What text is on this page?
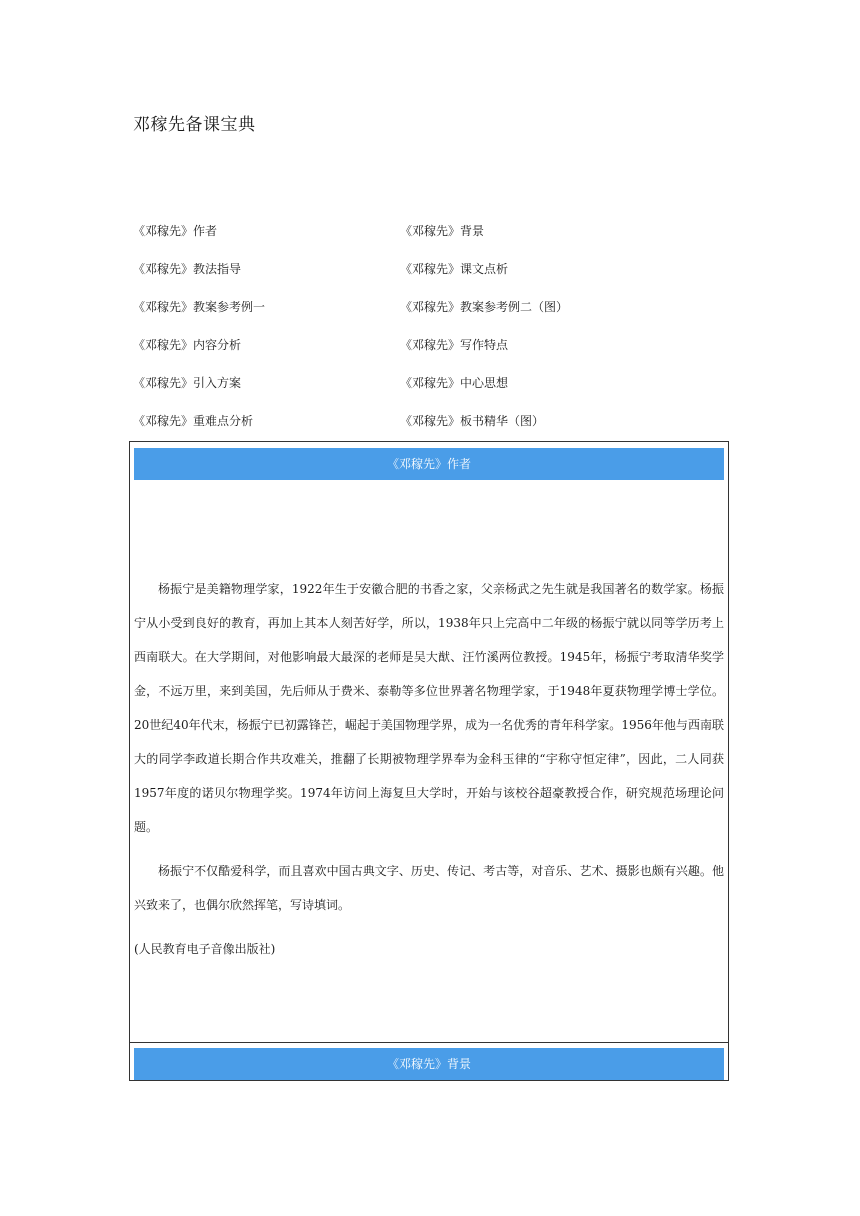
邓稼先备课宝典
《邓稼先》作者	《邓稼先》背景
《邓稼先》教法指导	《邓稼先》课文点析
《邓稼先》教案参考例一	《邓稼先》教案参考例二（图）
《邓稼先》内容分析	《邓稼先》写作特点
《邓稼先》引入方案	《邓稼先》中心思想
《邓稼先》重难点分析	《邓稼先》板书精华（图）
《邓稼先》作者

杨振宁是美籍物理学家，1922年生于安徽合肥的书香之家，父亲杨武之先生就是我国著名的数学家。杨振宁从小受到良好的教育，再加上其本人刻苦好学，所以，1938年只上完高中二年级的杨振宁就以同等学历考上西南联大。在大学期间，对他影响最大最深的老师是吴大猷、汪竹溪两位教授。1945年，杨振宁考取清华奖学金，不远万里，来到美国，先后师从于费米、泰勒等多位世界著名物理学家，于1948年夏获物理学博士学位。20世纪40年代末，杨振宁已初露锋芒，崛起于美国物理学界，成为一名优秀的青年科学家。1956年他与西南联大的同学李政道长期合作共攻难关，推翻了长期被物理学界奉为金科玉律的“宇称守恒定律”，因此，二人同获1957年度的诺贝尔物理学奖。1974年访问上海复旦大学时，开始与该校谷超豪教授合作，研究规范场理论问题。

杨振宁不仅酷爱科学，而且喜欢中国古典文字、历史、传记、考古等，对音乐、艺术、摄影也颇有兴趣。他兴致来了，也偶尔欣然挥笔，写诗填词。

(人民教育电子音像出版社)

《邓稼先》背景
